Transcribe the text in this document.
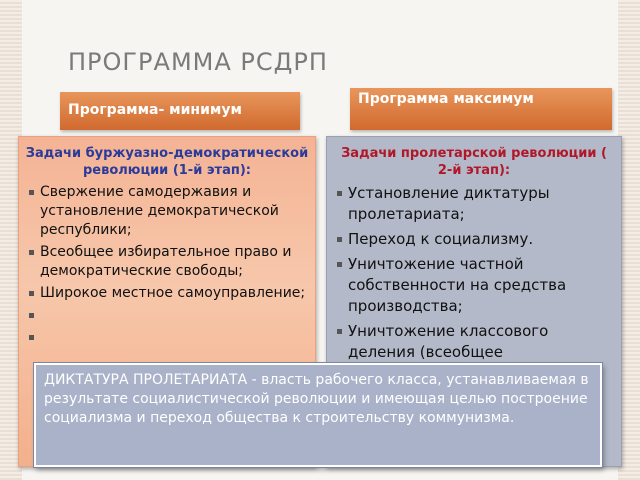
ПРОГРАММА РСДРП
Программа- минимум
Программа максимум
Задачи буржуазно-демократической революции (1-й этап):
Свержение самодержавия и установление демократической республики;
Всеобщее избирательное право и демократические свободы;
Широкое местное самоуправление;
Задачи пролетарской революции ( 2-й этап):
Установление диктатуры пролетариата;
Переход к социализму.
Уничтожение частной собственности на средства производства;
Уничтожение классового деления (всеобщее
ДИКТАТУРА ПРОЛЕТАРИАТА - власть рабочего класса, устанавливаемая в результате социалистической революции и имеющая целью построение социализма и переход общества к строительству коммунизма.
